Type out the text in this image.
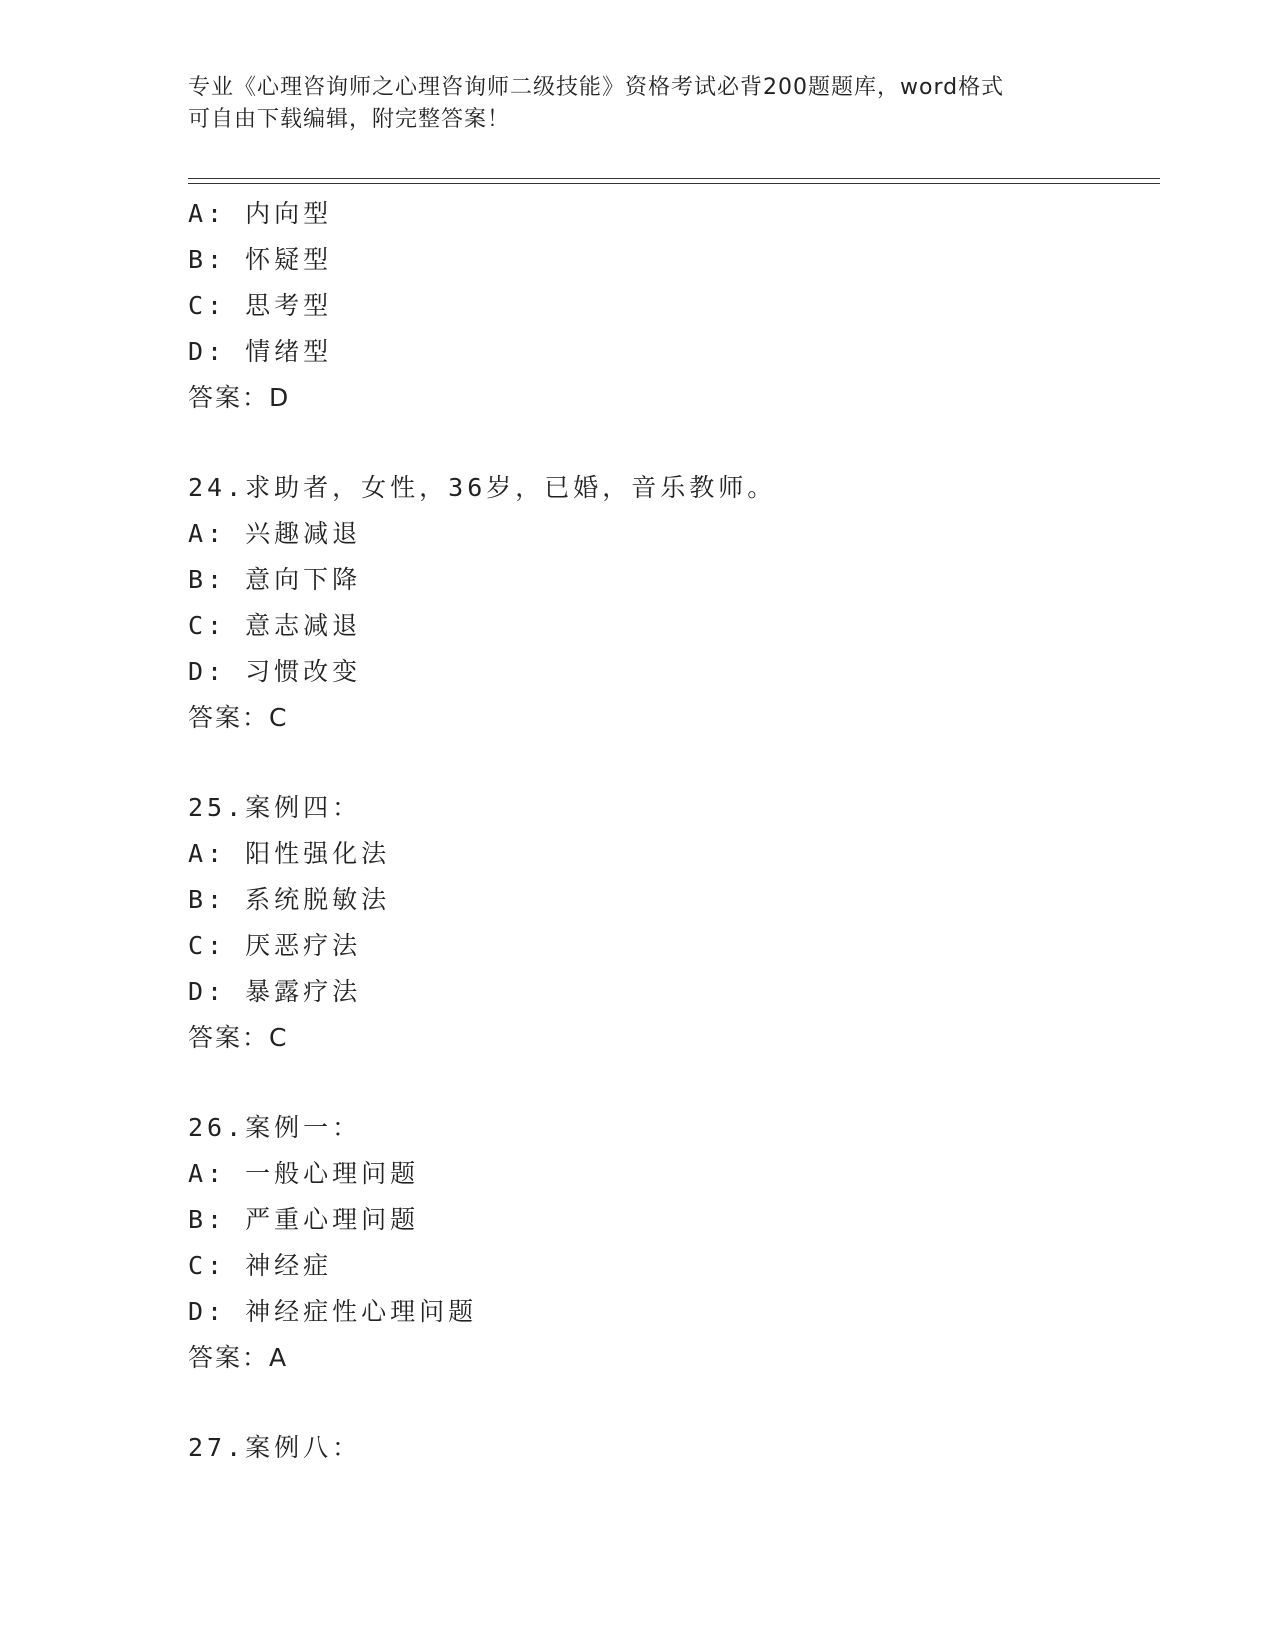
专业《心理咨询师之心理咨询师二级技能》资格考试必背200题题库，word格式
可自由下载编辑，附完整答案！
A: 内向型
B: 怀疑型
C: 思考型
D: 情绪型
答案：D
24.求助者，女性，36岁，已婚，音乐教师。
A: 兴趣减退
B: 意向下降
C: 意志减退
D: 习惯改变
答案：C
25.案例四：
A: 阳性强化法
B: 系统脱敏法
C: 厌恶疗法
D: 暴露疗法
答案：C
26.案例一：
A: 一般心理问题
B: 严重心理问题
C: 神经症
D: 神经症性心理问题
答案：A
27.案例八：
